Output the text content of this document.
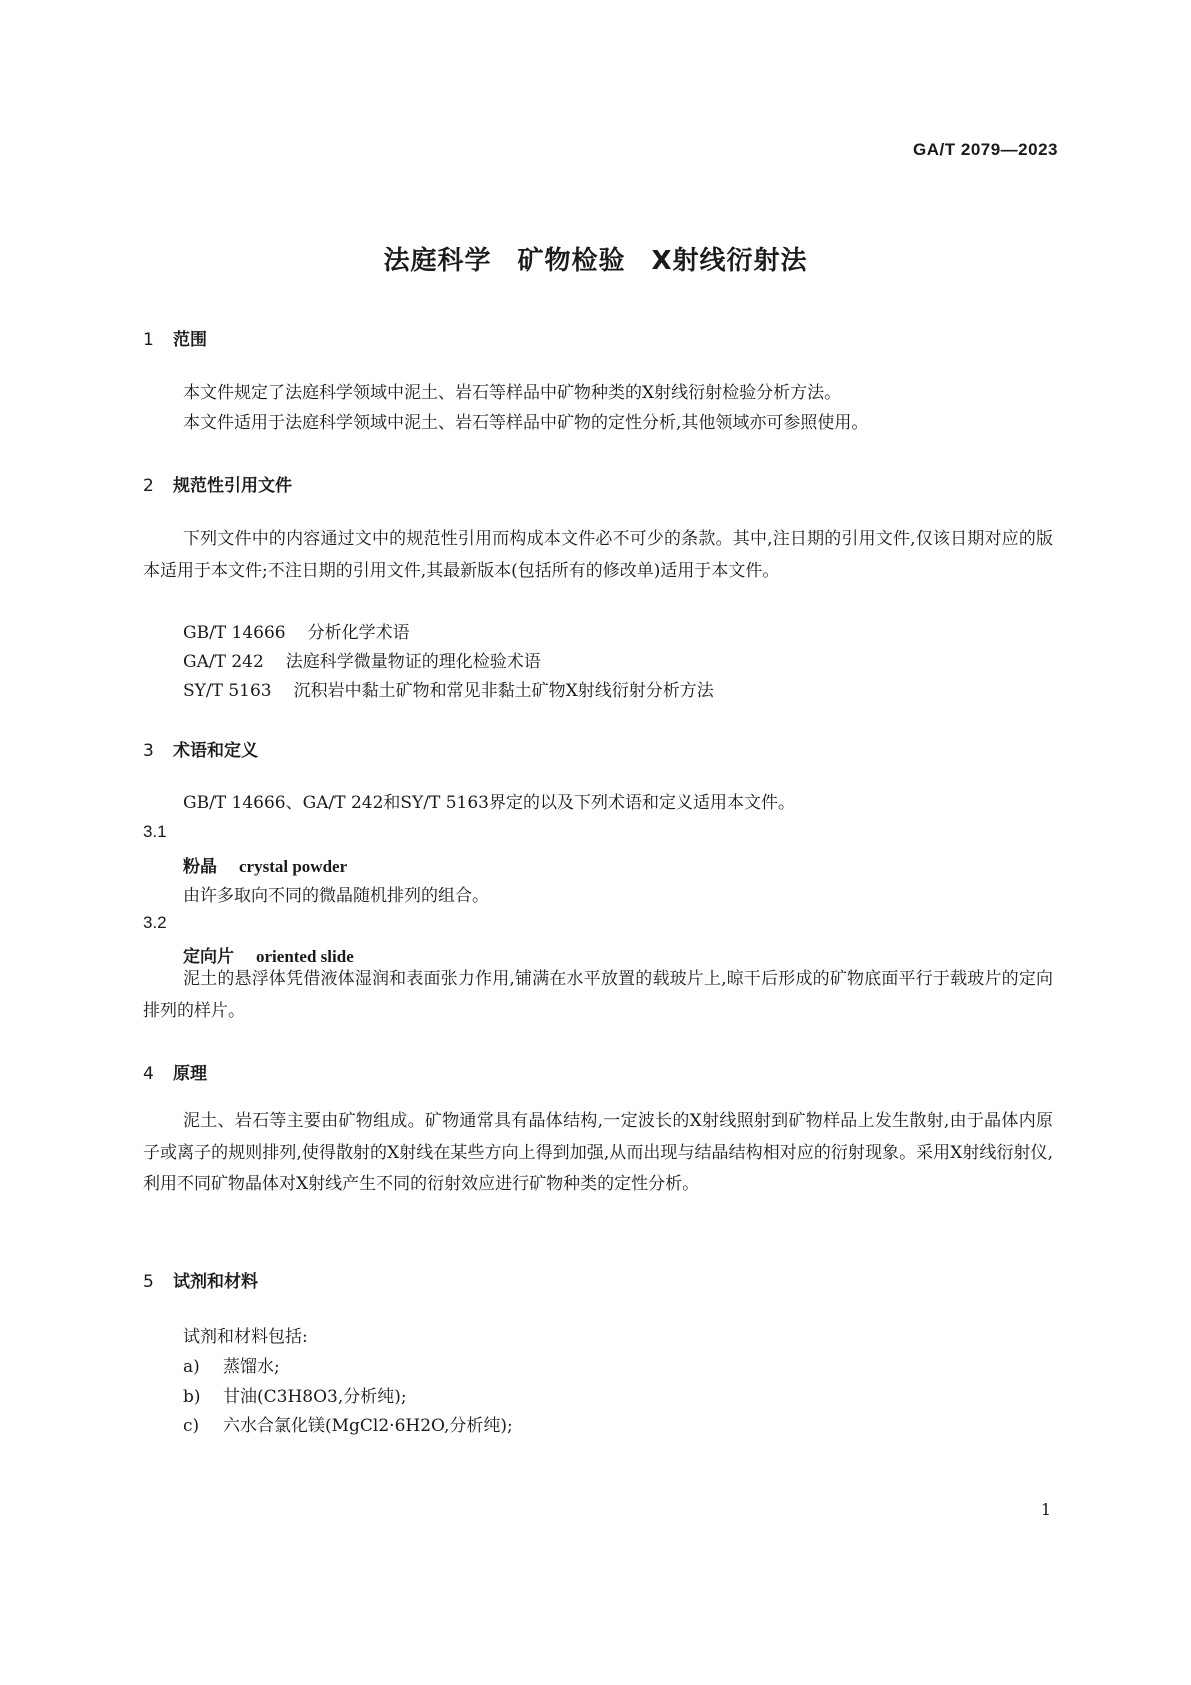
GA/T 2079—2023
法庭科学 矿物检验 X射线衍射法
1 范围
本文件规定了法庭科学领域中泥土、岩石等样品中矿物种类的X射线衍射检验分析方法。
本文件适用于法庭科学领域中泥土、岩石等样品中矿物的定性分析,其他领域亦可参照使用。
2 规范性引用文件
下列文件中的内容通过文中的规范性引用而构成本文件必不可少的条款。其中,注日期的引用文件,仅该日期对应的版本适用于本文件;不注日期的引用文件,其最新版本(包括所有的修改单)适用于本文件。
GB/T 14666 分析化学术语
GA/T 242 法庭科学微量物证的理化检验术语
SY/T 5163 沉积岩中黏土矿物和常见非黏土矿物X射线衍射分析方法
3 术语和定义
GB/T 14666、GA/T 242和SY/T 5163界定的以及下列术语和定义适用本文件。
3.1
粉晶 crystal powder
由许多取向不同的微晶随机排列的组合。
3.2
定向片 oriented slide
泥土的悬浮体凭借液体湿润和表面张力作用,铺满在水平放置的载玻片上,晾干后形成的矿物底面平行于载玻片的定向排列的样片。
4 原理
泥土、岩石等主要由矿物组成。矿物通常具有晶体结构,一定波长的X射线照射到矿物样品上发生散射,由于晶体内原子或离子的规则排列,使得散射的X射线在某些方向上得到加强,从而出现与结晶结构相对应的衍射现象。采用X射线衍射仪,利用不同矿物晶体对X射线产生不同的衍射效应进行矿物种类的定性分析。
5 试剂和材料
试剂和材料包括:
a) 蒸馏水;
b) 甘油(C3H8O3,分析纯);
c) 六水合氯化镁(MgCl2·6H2O,分析纯);
1
